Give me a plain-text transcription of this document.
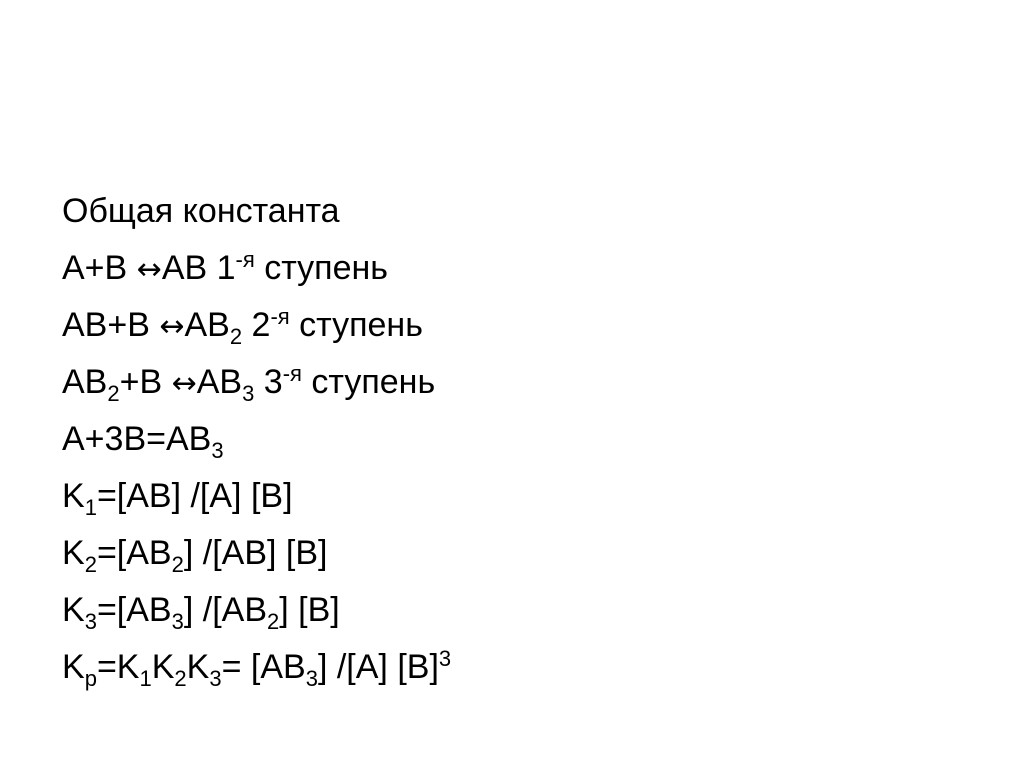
Общая константа
A+B ↔AB $1^{-я}$ ступень
AB+B $\leftrightarrow AB_2$ $2^{-я}$ ступень
$AB_2+B$ $\leftrightarrow AB_3$ $3^{-я}$ ступень
$A+3B=AB_3$
$K_1=[AB]$ /[A] [B]
$K_2=[AB_2]$ /[AB] [B]
$K_3=[AB_3]$ $/[AB_2]$ [B]
$K_p=K_1K_2K_3= [AB_3]$ /[A] $[B]^3$
